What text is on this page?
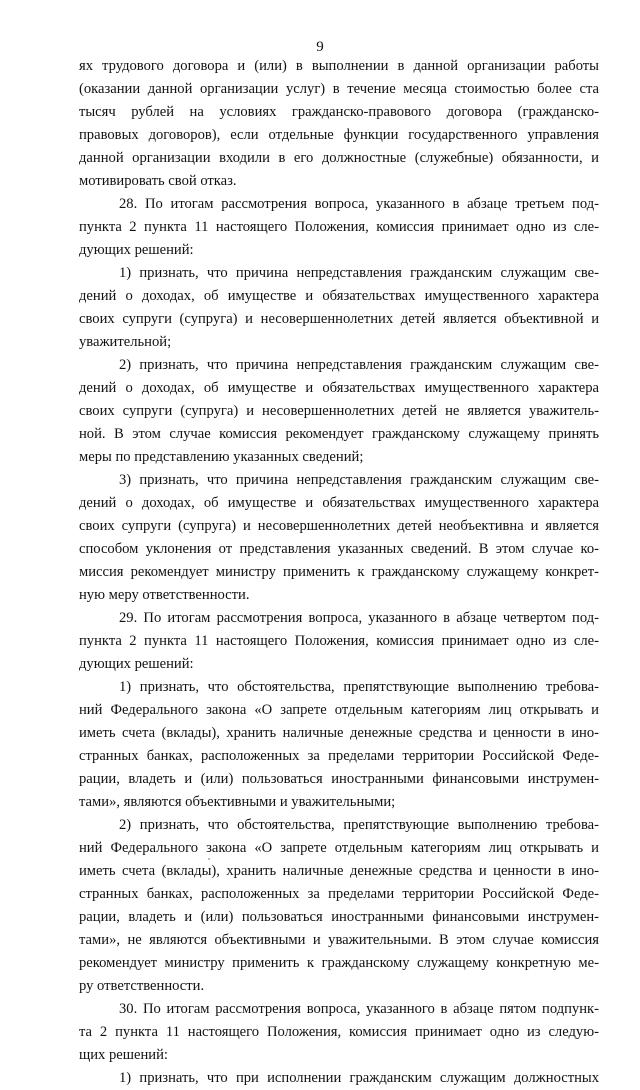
9
ях трудового договора и (или) в выполнении в данной организации работы
(оказании данной организации услуг) в течение месяца стоимостью более ста
тысяч рублей на условиях гражданско-правового договора (гражданско-
правовых договоров), если отдельные функции государственного управления
данной организации входили в его должностные (служебные) обязанности, и
мотивировать свой отказ.
28. По итогам рассмотрения вопроса, указанного в абзаце третьем под-
пункта 2 пункта 11 настоящего Положения, комиссия принимает одно из сле-
дующих решений:
1) признать, что причина непредставления гражданским служащим све-
дений о доходах, об имуществе и обязательствах имущественного характера
своих супруги (супруга) и несовершеннолетних детей является объективной и
уважительной;
2) признать, что причина непредставления гражданским служащим све-
дений о доходах, об имуществе и обязательствах имущественного характера
своих супруги (супруга) и несовершеннолетних детей не является уважитель-
ной. В этом случае комиссия рекомендует гражданскому служащему принять
меры по представлению указанных сведений;
3) признать, что причина непредставления гражданским служащим све-
дений о доходах, об имуществе и обязательствах имущественного характера
своих супруги (супруга) и несовершеннолетних детей необъективна и является
способом уклонения от представления указанных сведений. В этом случае ко-
миссия рекомендует министру применить к гражданскому служащему конкрет-
ную меру ответственности.
29. По итогам рассмотрения вопроса, указанного в абзаце четвертом под-
пункта 2 пункта 11 настоящего Положения, комиссия принимает одно из сле-
дующих решений:
1) признать, что обстоятельства, препятствующие выполнению требова-
ний Федерального закона «О запрете отдельным категориям лиц открывать и
иметь счета (вклады), хранить наличные денежные средства и ценности в ино-
странных банках, расположенных за пределами территории Российской Феде-
рации, владеть и (или) пользоваться иностранными финансовыми инструмен-
тами», являются объективными и уважительными;
2) признать, что обстоятельства, препятствующие выполнению требова-
ний Федерального закона «О запрете отдельным категориям лиц открывать и
иметь счета (вклады), хранить наличные денежные средства и ценности в ино-
странных банках, расположенных за пределами территории Российской Феде-
рации, владеть и (или) пользоваться иностранными финансовыми инструмен-
тами», не являются объективными и уважительными. В этом случае комиссия
рекомендует министру применить к гражданскому служащему конкретную ме-
ру ответственности.
30. По итогам рассмотрения вопроса, указанного в абзаце пятом подпунк-
та 2 пункта 11 настоящего Положения, комиссия принимает одно из следую-
щих решений:
1) признать, что при исполнении гражданским служащим должностных
